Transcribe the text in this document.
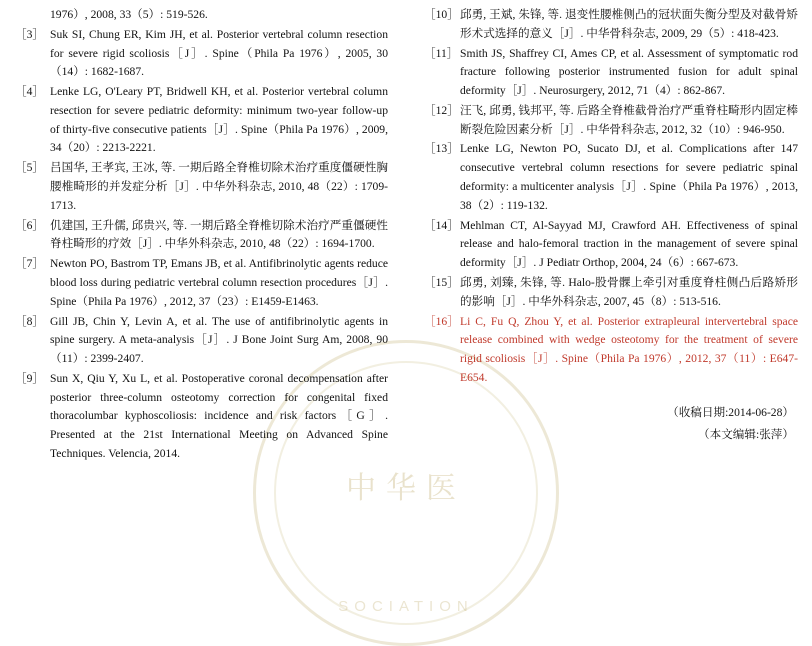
中华医
SOCIATION
1976）, 2008, 33（5）: 519-526.
［3］ Suk SI, Chung ER, Kim JH, et al. Posterior vertebral column resection for severe rigid scoliosis［J］. Spine（Phila Pa 1976）, 2005, 30（14）: 1682-1687.
［4］ Lenke LG, O'Leary PT, Bridwell KH, et al. Posterior vertebral column resection for severe pediatric deformity: minimum two-year follow-up of thirty-five consecutive patients［J］. Spine（Phila Pa 1976）, 2009, 34（20）: 2213-2221.
［5］ 吕国华, 王孝宾, 王冰, 等. 一期后路全脊椎切除术治疗重度僵硬性胸腰椎畸形的并发症分析［J］. 中华外科杂志, 2010, 48（22）: 1709-1713.
［6］ 仉建国, 王升儒, 邱贵兴, 等. 一期后路全脊椎切除术治疗严重僵硬性脊柱畸形的疗效［J］. 中华外科杂志, 2010, 48（22）: 1694-1700.
［7］ Newton PO, Bastrom TP, Emans JB, et al. Antifibrinolytic agents reduce blood loss during pediatric vertebral column resection procedures［J］. Spine（Phila Pa 1976）, 2012, 37（23）: E1459-E1463.
［8］ Gill JB, Chin Y, Levin A, et al. The use of antifibrinolytic agents in spine surgery. A meta-analysis［J］. J Bone Joint Surg Am, 2008, 90（11）: 2399-2407.
［9］ Sun X, Qiu Y, Xu L, et al. Postoperative coronal decompensation after posterior three-column osteotomy correction for congenital fixed thoracolumbar kyphoscoliosis: incidence and risk factors［G］. Presented at the 21st International Meeting on Advanced Spine Techniques. Velencia, 2014.
［10］ 邱勇, 王斌, 朱锋, 等. 退变性腰椎侧凸的冠状面失衡分型及对截骨矫形术式选择的意义［J］. 中华骨科杂志, 2009, 29（5）: 418-423.
［11］ Smith JS, Shaffrey CI, Ames CP, et al. Assessment of symptomatic rod fracture following posterior instrumented fusion for adult spinal deformity［J］. Neurosurgery, 2012, 71（4）: 862-867.
［12］ 汪飞, 邱勇, 钱邦平, 等. 后路全脊椎截骨治疗严重脊柱畸形内固定棒断裂危险因素分析［J］. 中华骨科杂志, 2012, 32（10）: 946-950.
［13］ Lenke LG, Newton PO, Sucato DJ, et al. Complications after 147 consecutive vertebral column resections for severe pediatric spinal deformity: a multicenter analysis［J］. Spine（Phila Pa 1976）, 2013, 38（2）: 119-132.
［14］ Mehlman CT, Al-Sayyad MJ, Crawford AH. Effectiveness of spinal release and halo-femoral traction in the management of severe spinal deformity［J］. J Pediatr Orthop, 2004, 24（6）: 667-673.
［15］ 邱勇, 刘臻, 朱锋, 等. Halo-股骨髁上牵引对重度脊柱侧凸后路矫形的影响［J］. 中华外科杂志, 2007, 45（8）: 513-516.
［16］ Li C, Fu Q, Zhou Y, et al. Posterior extrapleural intervertebral space release combined with wedge osteotomy for the treatment of severe rigid scoliosis［J］. Spine（Phila Pa 1976）, 2012, 37（11）: E647-E654.
（收稿日期:2014-06-28）
（本文编辑:张萍）
